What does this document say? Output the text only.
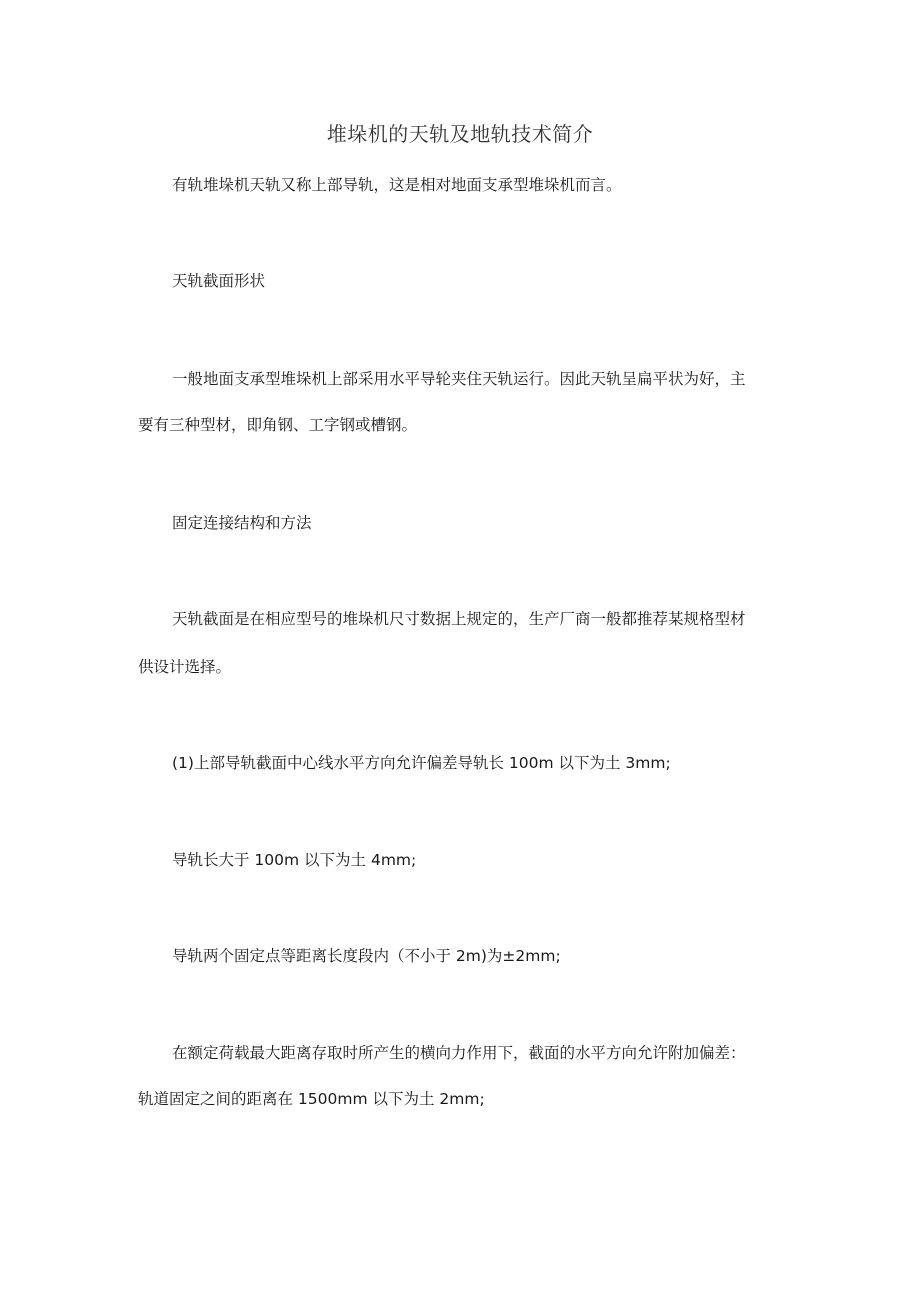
堆垛机的天轨及地轨技术简介
有轨堆垛机天轨又称上部导轨，这是相对地面支承型堆垛机而言。
天轨截面形状
一般地面支承型堆垛机上部采用水平导轮夹住天轨运行。因此天轨呈扁平状为好，主
要有三种型材，即角钢、工字钢或槽钢。
固定连接结构和方法
天轨截面是在相应型号的堆垛机尺寸数据上规定的，生产厂商一般都推荐某规格型材
供设计选择。
(1)上部导轨截面中心线水平方向允许偏差导轨长 100m 以下为土 3mm;
导轨长大于 100m 以下为土 4mm;
导轨两个固定点等距离长度段内（不小于 2m)为±2mm;
在额定荷载最大距离存取时所产生的横向力作用下，截面的水平方向允许附加偏差：
轨道固定之间的距离在 1500mm 以下为土 2mm;
